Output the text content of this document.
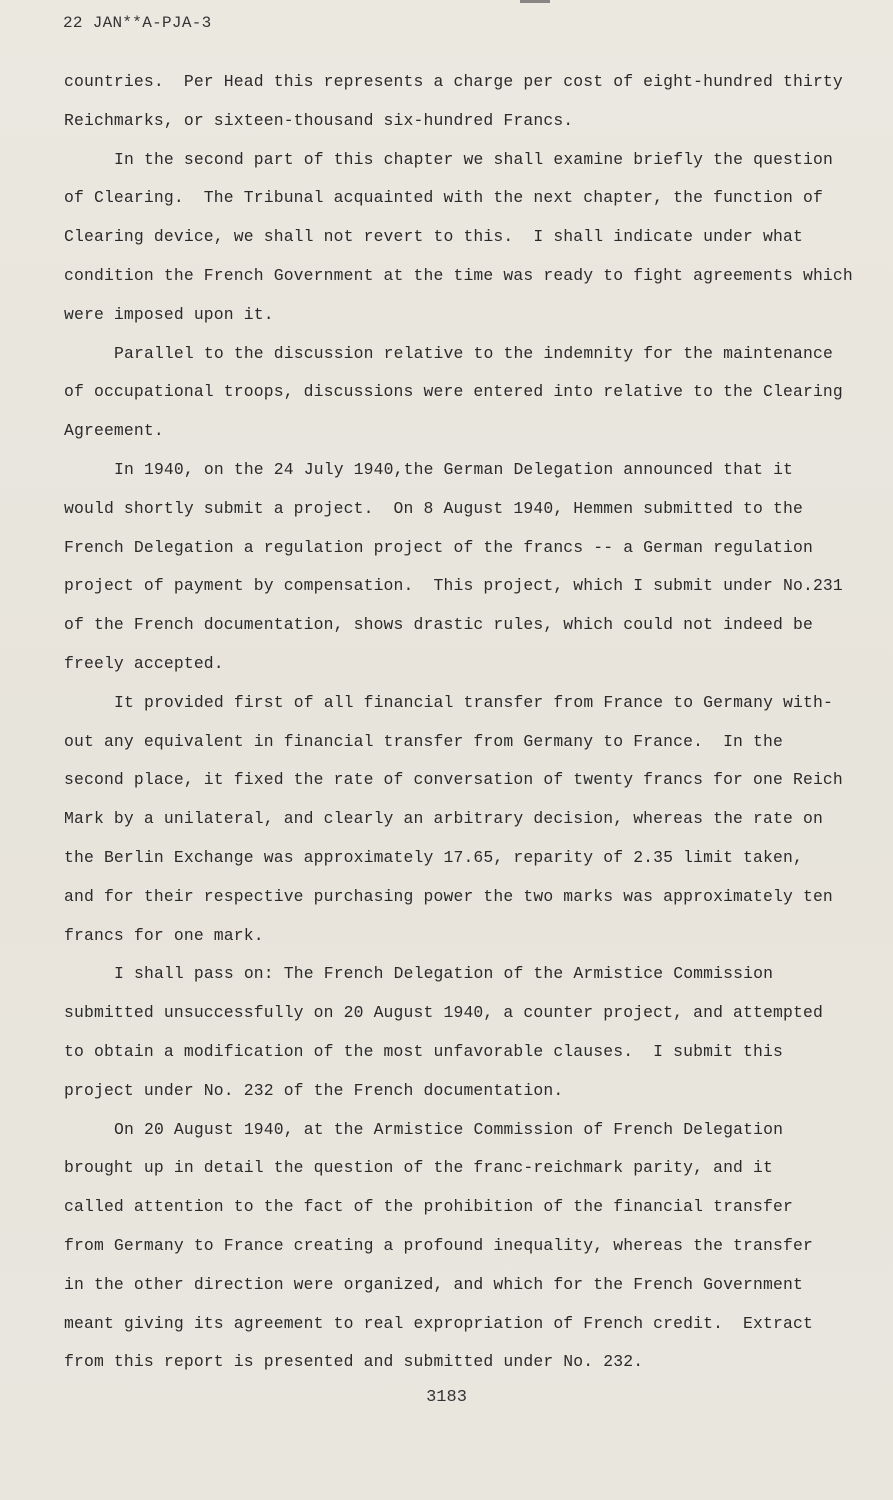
22 JAN**A-PJA-3
countries.  Per Head this represents a charge per cost of eight-hundred thirty
Reichmarks, or sixteen-thousand six-hundred Francs.
In the second part of this chapter we shall examine briefly the question
of Clearing.  The Tribunal acquainted with the next chapter, the function of
Clearing device, we shall not revert to this.  I shall indicate under what
condition the French Government at the time was ready to fight agreements which
were imposed upon it.
Parallel to the discussion relative to the indemnity for the maintenance
of occupational troops, discussions were entered into relative to the Clearing
Agreement.
In 1940, on the 24 July 1940,the German Delegation announced that it
would shortly submit a project.  On 8 August 1940, Hemmen submitted to the
French Delegation a regulation project of the francs -- a German regulation
project of payment by compensation.  This project, which I submit under No.231
of the French documentation, shows drastic rules, which could not indeed be
freely accepted.
It provided first of all financial transfer from France to Germany with-
out any equivalent in financial transfer from Germany to France.  In the
second place, it fixed the rate of conversation of twenty francs for one Reich
Mark by a unilateral, and clearly an arbitrary decision, whereas the rate on
the Berlin Exchange was approximately 17.65, reparity of 2.35 limit taken,
and for their respective purchasing power the two marks was approximately ten
francs for one mark.
I shall pass on: The French Delegation of the Armistice Commission
submitted unsuccessfully on 20 August 1940, a counter project, and attempted
to obtain a modification of the most unfavorable clauses.  I submit this
project under No. 232 of the French documentation.
On 20 August 1940, at the Armistice Commission of French Delegation
brought up in detail the question of the franc-reichmark parity, and it
called attention to the fact of the prohibition of the financial transfer
from Germany to France creating a profound inequality, whereas the transfer
in the other direction were organized, and which for the French Government
meant giving its agreement to real expropriation of French credit.  Extract
from this report is presented and submitted under No. 232.
3183
